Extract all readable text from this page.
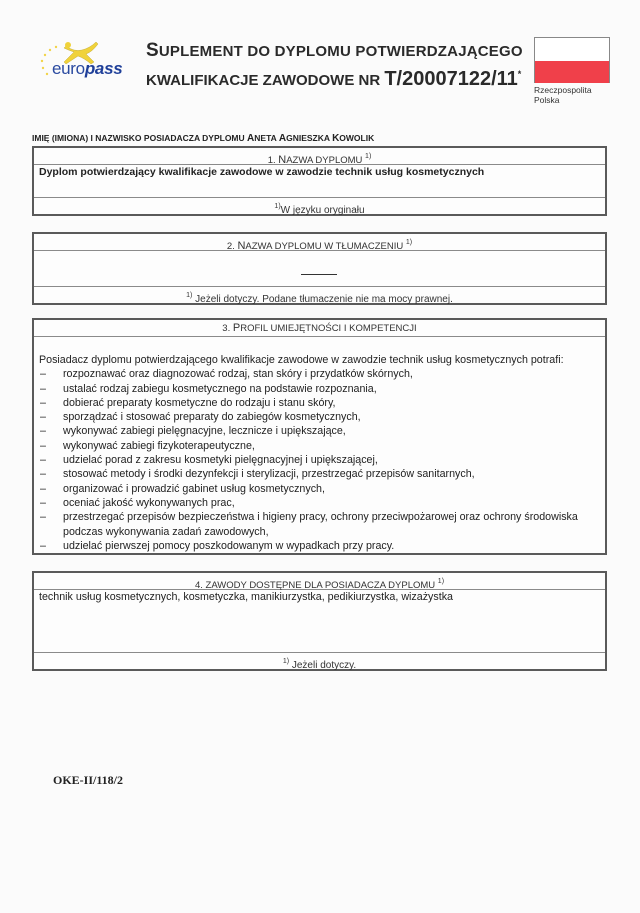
europass
SUPLEMENT DO DYPLOMU POTWIERDZAJĄCEGO
KWALIFIKACJE ZAWODOWE NR T/20007122/11*
Rzeczpospolita
Polska
IMIĘ (IMIONA) I NAZWISKO POSIADACZA DYPLOMU ANETA AGNIESZKA KOWOLIK
1. NAZWA DYPLOMU $^{1)}$
Dyplom potwierdzający kwalifikacje zawodowe w zawodzie technik usług kosmetycznych
$^{1)}$W języku oryginału
2. NAZWA DYPLOMU W TŁUMACZENIU $^{1)}$
$^{1)}$ Jeżeli dotyczy. Podane tłumaczenie nie ma mocy prawnej.
3. PROFIL UMIEJĘTNOŚCI I KOMPETENCJI
Posiadacz dyplomu potwierdzającego kwalifikacje zawodowe w zawodzie technik usług kosmetycznych potrafi:
– rozpoznawać oraz diagnozować rodzaj, stan skóry i przydatków skórnych,
– ustalać rodzaj zabiegu kosmetycznego na podstawie rozpoznania,
– dobierać preparaty kosmetyczne do rodzaju i stanu skóry,
– sporządzać i stosować preparaty do zabiegów kosmetycznych,
– wykonywać zabiegi pielęgnacyjne, lecznicze i upiększające,
– wykonywać zabiegi fizykoterapeutyczne,
– udzielać porad z zakresu kosmetyki pielęgnacyjnej i upiększającej,
– stosować metody i środki dezynfekcji i sterylizacji, przestrzegać przepisów sanitarnych,
– organizować i prowadzić gabinet usług kosmetycznych,
– oceniać jakość wykonywanych prac,
– przestrzegać przepisów bezpieczeństwa i higieny pracy, ochrony przeciwpożarowej oraz ochrony środowiska podczas wykonywania zadań zawodowych,
– udzielać pierwszej pomocy poszkodowanym w wypadkach przy pracy.
4. ZAWODY DOSTĘPNE DLA POSIADACZA DYPLOMU $^{1)}$
technik usług kosmetycznych, kosmetyczka, manikiurzystka, pedikiurzystka, wizażystka
$^{1)}$ Jeżeli dotyczy.
OKE-II/118/2
